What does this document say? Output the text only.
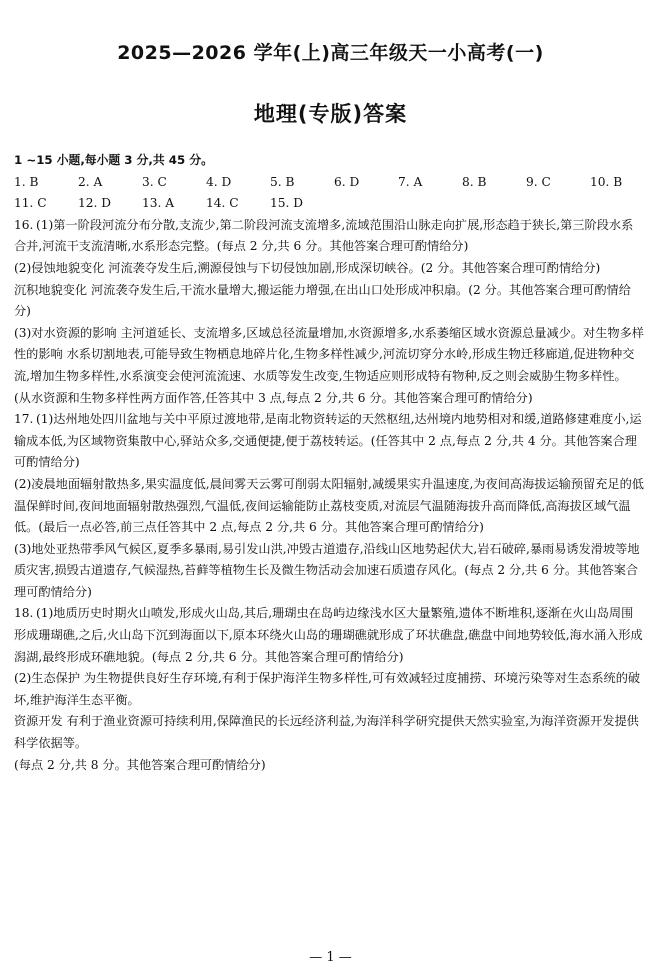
2025—2026 学年(上)高三年级天一小高考(一)
地理(专版)答案

1 ~15 小题,每小题 3 分,共 45 分。

1. B	2. A	3. C	4. D	5. B	6. D	7. A	8. B	9. C	10. B
11. C	12. D	13. A	14. C	15. D

16. (1)第一阶段河流分布分散,支流少,第二阶段河流支流增多,流域范围沿山脉走向扩展,形态趋于狭长,第三阶段水系合并,河流干支流清晰,水系形态完整。(每点 2 分,共 6 分。其他答案合理可酌情给分)

(2)侵蚀地貌变化 河流袭夺发生后,溯源侵蚀与下切侵蚀加剧,形成深切峡谷。(2 分。其他答案合理可酌情给分)

沉积地貌变化 河流袭夺发生后,干流水量增大,搬运能力增强,在出山口处形成冲积扇。(2 分。其他答案合理可酌情给分)

(3)对水资源的影响 主河道延长、支流增多,区域总径流量增加,水资源增多,水系萎缩区域水资源总量减少。对生物多样性的影响 水系切割地表,可能导致生物栖息地碎片化,生物多样性减少,河流切穿分水岭,形成生物迁移廊道,促进物种交流,增加生物多样性,水系演变会使河流流速、水质等发生改变,生物适应则形成特有物种,反之则会威胁生物多样性。

(从水资源和生物多样性两方面作答,任答其中 3 点,每点 2 分,共 6 分。其他答案合理可酌情给分)

17. (1)达州地处四川盆地与关中平原过渡地带,是南北物资转运的天然枢纽,达州境内地势相对和缓,道路修建难度小,运输成本低,为区域物资集散中心,驿站众多,交通便捷,便于荔枝转运。(任答其中 2 点,每点 2 分,共 4 分。其他答案合理可酌情给分)

(2)凌晨地面辐射散热多,果实温度低,晨间雾天云雾可削弱太阳辐射,减缓果实升温速度,为夜间高海拔运输预留充足的低温保鲜时间,夜间地面辐射散热强烈,气温低,夜间运输能防止荔枝变质,对流层气温随海拔升高而降低,高海拔区域气温低。(最后一点必答,前三点任答其中 2 点,每点 2 分,共 6 分。其他答案合理可酌情给分)

(3)地处亚热带季风气候区,夏季多暴雨,易引发山洪,冲毁古道遗存,沿线山区地势起伏大,岩石破碎,暴雨易诱发滑坡等地质灾害,损毁古道遗存,气候湿热,苔藓等植物生长及微生物活动会加速石质遗存风化。(每点 2 分,共 6 分。其他答案合理可酌情给分)

18. (1)地质历史时期火山喷发,形成火山岛,其后,珊瑚虫在岛屿边缘浅水区大量繁殖,遗体不断堆积,逐渐在火山岛周围形成珊瑚礁,之后,火山岛下沉到海面以下,原本环绕火山岛的珊瑚礁就形成了环状礁盘,礁盘中间地势较低,海水涌入形成潟湖,最终形成环礁地貌。(每点 2 分,共 6 分。其他答案合理可酌情给分)

(2)生态保护 为生物提供良好生存环境,有利于保护海洋生物多样性,可有效减轻过度捕捞、环境污染等对生态系统的破坏,维护海洋生态平衡。

资源开发 有利于渔业资源可持续利用,保障渔民的长远经济利益,为海洋科学研究提供天然实验室,为海洋资源开发提供科学依据等。

(每点 2 分,共 8 分。其他答案合理可酌情给分)

— 1 —
